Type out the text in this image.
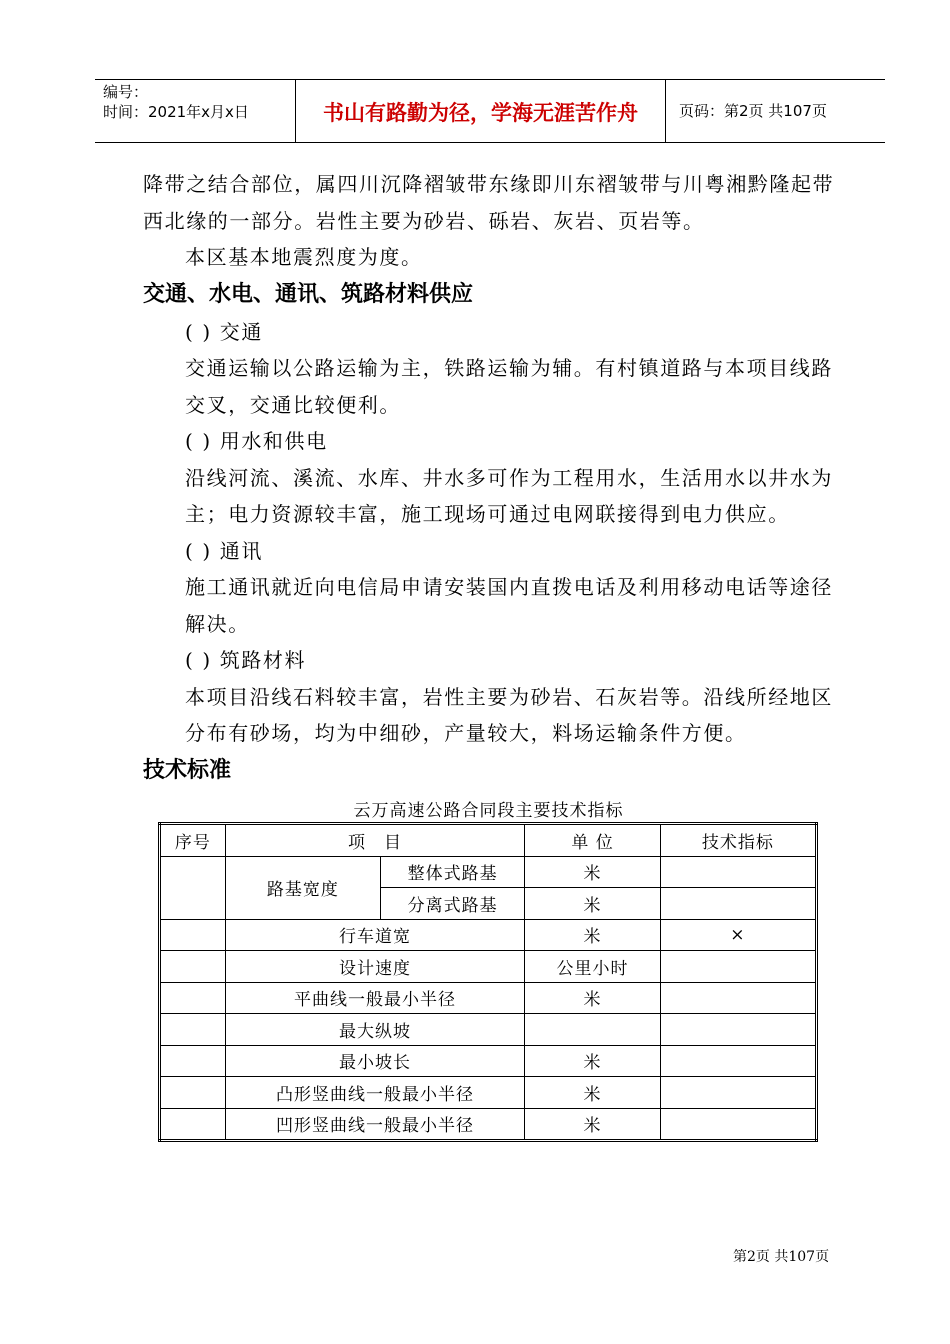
编号：
时间：2021年x月x日	书山有路勤为径，学海无涯苦作舟	页码：第2页 共107页

降带之结合部位，属四川沉降褶皱带东缘即川东褶皱带与川粤湘黔隆起带西北缘的一部分。岩性主要为砂岩、砾岩、灰岩、页岩等。

本区基本地震烈度为度。

交通、水电、通讯、筑路材料供应

( ) 交通

交通运输以公路运输为主，铁路运输为辅。有村镇道路与本项目线路交叉，交通比较便利。

( ) 用水和供电

沿线河流、溪流、水库、井水多可作为工程用水，生活用水以井水为主；电力资源较丰富，施工现场可通过电网联接得到电力供应。

( ) 通讯

施工通讯就近向电信局申请安装国内直拨电话及利用移动电话等途径解决。

( ) 筑路材料

本项目沿线石料较丰富，岩性主要为砂岩、石灰岩等。沿线所经地区分布有砂场，均为中细砂，产量较大，料场运输条件方便。

技术标准

云万高速公路合同段主要技术指标
序号	项　目		单 位	技术指标
	路基宽度	整体式路基	米	
		分离式路基	米	
	行车道宽		米	×
	设计速度		公里小时	
	平曲线一般最小半径		米	
	最大纵坡			
	最小坡长		米	
	凸形竖曲线一般最小半径		米	
	凹形竖曲线一般最小半径		米	
第2页 共107页
